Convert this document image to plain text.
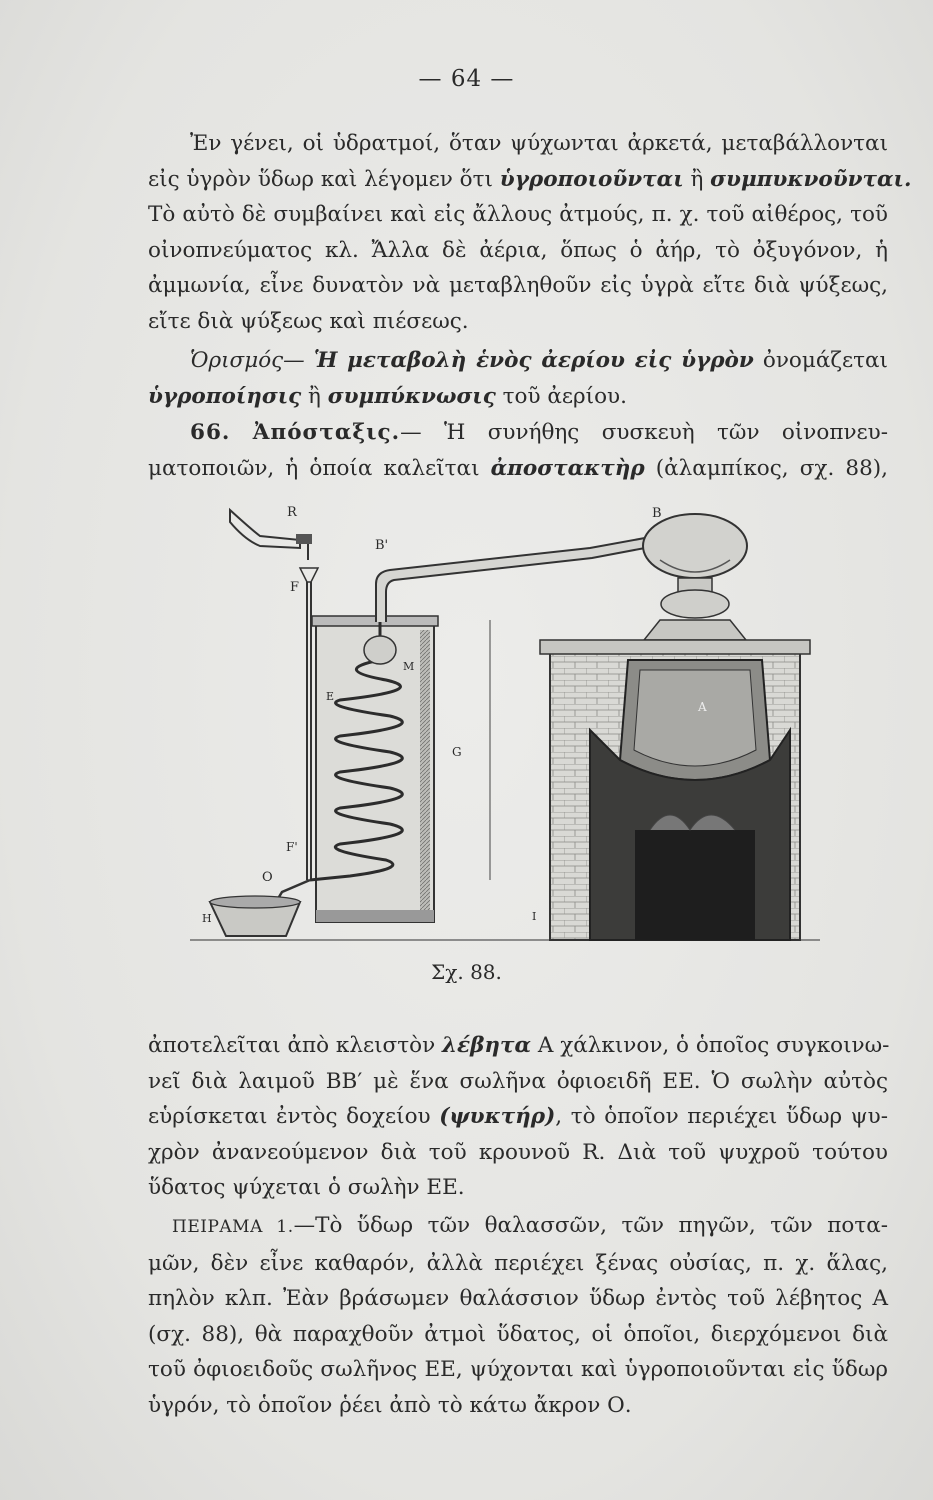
— 64 —
Ἐν γένει, οἱ ὑδρατμοί, ὅταν ψύχωνται ἀρκετά, μεταβάλλονται
εἰς ὑγρὸν ὕδωρ καὶ λέγομεν ὅτι ὑγροποιοῦνται ἢ συμπυκνοῦνται.
Τὸ αὐτὸ δὲ συμβαίνει καὶ εἰς ἄλλους ἀτμούς, π. χ. τοῦ αἰθέρος, τοῦ
οἰνοπνεύματος κλ. Ἄλλα δὲ ἀέρια, ὅπως ὁ ἀήρ, τὸ ὀξυγόνον, ἡ
ἀμμωνία, εἶνε δυνατὸν νὰ μεταβληθοῦν εἰς ὑγρὰ εἴτε διὰ ψύξεως,
εἴτε διὰ ψύξεως καὶ πιέσεως.
Ὁρισμός— Ἡ μεταβολὴ ἑνὸς ἀερίου εἰς ὑγρὸν ὀνομάζεται
ὑγροποίησις ἢ συμπύκνωσις τοῦ ἀερίου.
66. Ἀπόσταξις.— Ἡ συνήθης συσκευὴ τῶν οἰνοπνευ-
ματοποιῶν, ἡ ὁποία καλεῖται ἀποστακτὴρ (ἀλαμπίκος, σχ. 88),
R	B
B'
F
M
E
G
A
F'
O
H	I
Σχ. 88.
ἀποτελεῖται ἀπὸ κλειστὸν λέβητα Α χάλκινον, ὁ ὁποῖος συγκοινω-
νεῖ διὰ λαιμοῦ ΒΒ′ μὲ ἕνα σωλῆνα ὀφιοειδῆ ΕΕ. Ὁ σωλὴν αὐτὸς
εὑρίσκεται ἐντὸς δοχείου (ψυκτήρ), τὸ ὁποῖον περιέχει ὕδωρ ψυ-
χρὸν ἀνανεούμενον διὰ τοῦ κρουνοῦ R. Διὰ τοῦ ψυχροῦ τούτου
ὕδατος ψύχεται ὁ σωλὴν ΕΕ.
ΠΕΙΡΑΜΑ 1.—Τὸ ὕδωρ τῶν θαλασσῶν, τῶν πηγῶν, τῶν ποτα-
μῶν, δὲν εἶνε καθαρόν, ἀλλὰ περιέχει ξένας οὐσίας, π. χ. ἅλας,
πηλὸν κλπ. Ἐὰν βράσωμεν θαλάσσιον ὕδωρ ἐντὸς τοῦ λέβητος Α
(σχ. 88), θὰ παραχθοῦν ἀτμοὶ ὕδατος, οἱ ὁποῖοι, διερχόμενοι διὰ
τοῦ ὀφιοειδοῦς σωλῆνος ΕΕ, ψύχονται καὶ ὑγροποιοῦνται εἰς ὕδωρ
ὑγρόν, τὸ ὁποῖον ῥέει ἀπὸ τὸ κάτω ἄκρον Ο.
